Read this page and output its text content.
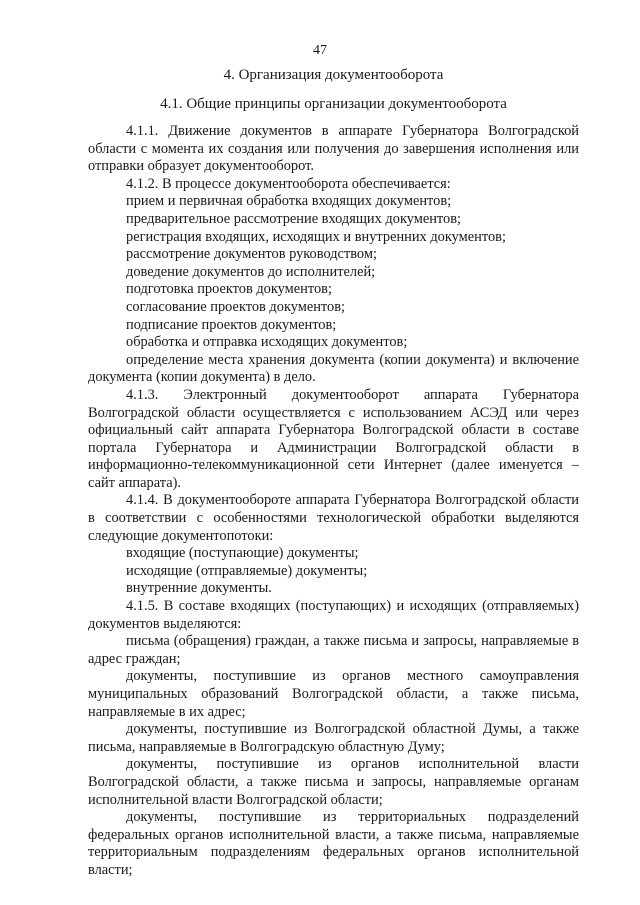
47
4. Организация документооборота
4.1. Общие принципы организации документооборота

4.1.1. Движение документов в аппарате Губернатора Волгоградской области с момента их создания или получения до завершения исполнения или отправки образует документооборот.

4.1.2. В процессе документооборота обеспечивается:

прием и первичная обработка входящих документов;
предварительное рассмотрение входящих документов;
регистрация входящих, исходящих и внутренних документов;
рассмотрение документов руководством;
доведение документов до исполнителей;
подготовка проектов документов;
согласование проектов документов;
подписание проектов документов;
обработка и отправка исходящих документов;

определение места хранения документа (копии документа) и включение документа (копии документа) в дело.

4.1.3. Электронный документооборот аппарата Губернатора Волгоградской области осуществляется с использованием АСЭД или через официальный сайт аппарата Губернатора Волгоградской области в составе портала Губернатора и Администрации Волгоградской области в информационно-телекоммуникационной сети Интернет (далее именуется – сайт аппарата).

4.1.4. В документообороте аппарата Губернатора Волгоградской области в соответствии с особенностями технологической обработки выделяются следующие документопотоки:

входящие (поступающие) документы;
исходящие (отправляемые) документы;
внутренние документы.

4.1.5. В составе входящих (поступающих) и исходящих (отправляемых) документов выделяются:

письма (обращения) граждан, а также письма и запросы, направляемые в адрес граждан;

документы, поступившие из органов местного самоуправления муниципальных образований Волгоградской области, а также письма, направляемые в их адрес;

документы, поступившие из Волгоградской областной Думы, а также письма, направляемые в Волгоградскую областную Думу;

документы, поступившие из органов исполнительной власти Волгоградской области, а также письма и запросы, направляемые органам исполнительной власти Волгоградской области;

документы, поступившие из территориальных подразделений федеральных органов исполнительной власти, а также письма, направляемые территориальным подразделениям федеральных органов исполнительной власти;
